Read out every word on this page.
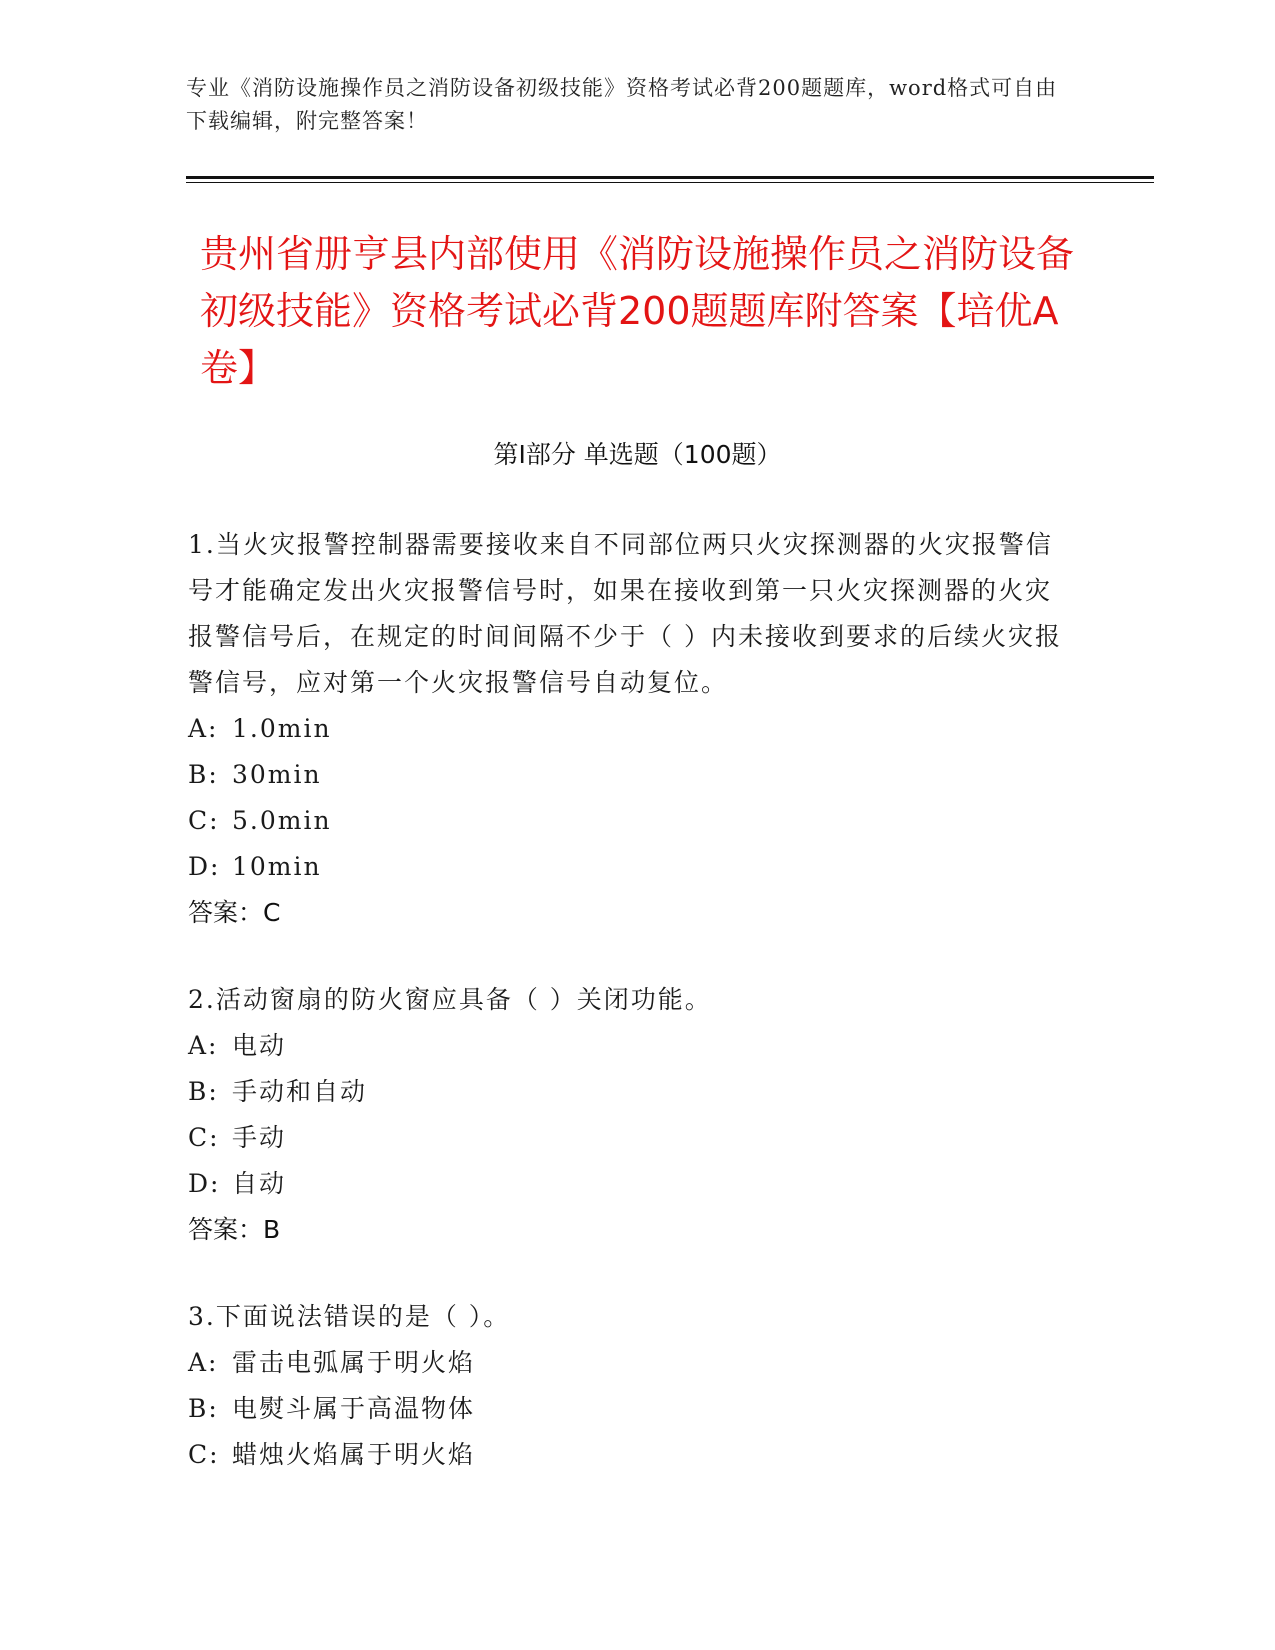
专业《消防设施操作员之消防设备初级技能》资格考试必背200题题库，word格式可自由下载编辑，附完整答案！
贵州省册亨县内部使用《消防设施操作员之消防设备初级技能》资格考试必背200题题库附答案【培优A卷】
第Ⅰ部分 单选题（100题）

1.当火灾报警控制器需要接收来自不同部位两只火灾探测器的火灾报警信号才能确定发出火灾报警信号时，如果在接收到第一只火灾探测器的火灾报警信号后，在规定的时间间隔不少于（ ）内未接收到要求的后续火灾报警信号，应对第一个火灾报警信号自动复位。

A: 1.0min

B: 30min

C: 5.0min

D: 10min

答案：C

2.活动窗扇的防火窗应具备（ ）关闭功能。

A: 电动

B: 手动和自动

C: 手动

D: 自动

答案：B

3.下面说法错误的是（ ）。

A: 雷击电弧属于明火焰

B: 电熨斗属于高温物体

C: 蜡烛火焰属于明火焰
